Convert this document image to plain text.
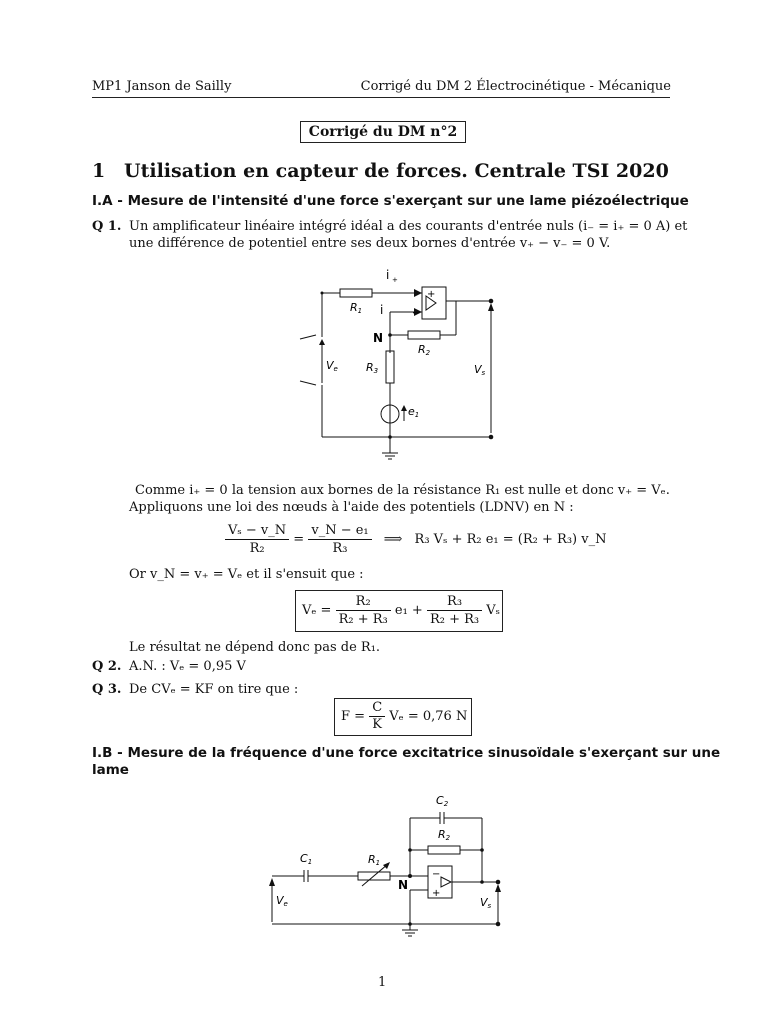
MP1 Janson de Sailly	Corrigé du DM 2 Électrocinétique - Mécanique
Corrigé du DM n°2
1 Utilisation en capteur de forces. Centrale TSI 2020
I.A - Mesure de l'intensité d'une force s'exerçant sur une lame piézoélectrique
Q 1. Un amplificateur linéaire intégré idéal a des courants d'entrée nuls (i₋ = i₊ = 0 A) et
une différence de potentiel entre ses deux bornes d'entrée v₊ − v₋ = 0 V.
i +
i
+
−
R1
R2
R3
N
Ve	Vs
e1
Comme i₊ = 0 la tension aux bornes de la résistance R₁ est nulle et donc v₊ = Vₑ.
Appliquons une loi des nœuds à l'aide des potentiels (LDNV) en N :
$\frac{\text{Vₛ − v\_N}}{\text{R₂}} = \frac{\text{v\_N − e₁}}{\text{R₃}}$ ⟹ R₃ Vₛ + R₂ e₁ = (R₂ + R₃) v_N
Or v_N = v₊ = Vₑ et il s'ensuit que :
$V_e = \frac{\text{R₂}}{\text{R₂ + R₃}} e_1 + \frac{\text{R₃}}{\text{R₂ + R₃}}$ Vₛ
Le résultat ne dépend donc pas de R₁.
Q 2. A.N. : Vₑ = 0,95 V
Q 3. De CVₑ = KF on tire que :
$F = \frac{C}{K}$ Vₑ = 0,76 N
I.B - Mesure de la fréquence d'une force excitatrice sinusoïdale s'exerçant sur une
lame
C1
C2
R1
R2
N
Ve	Vs
−
+
1
